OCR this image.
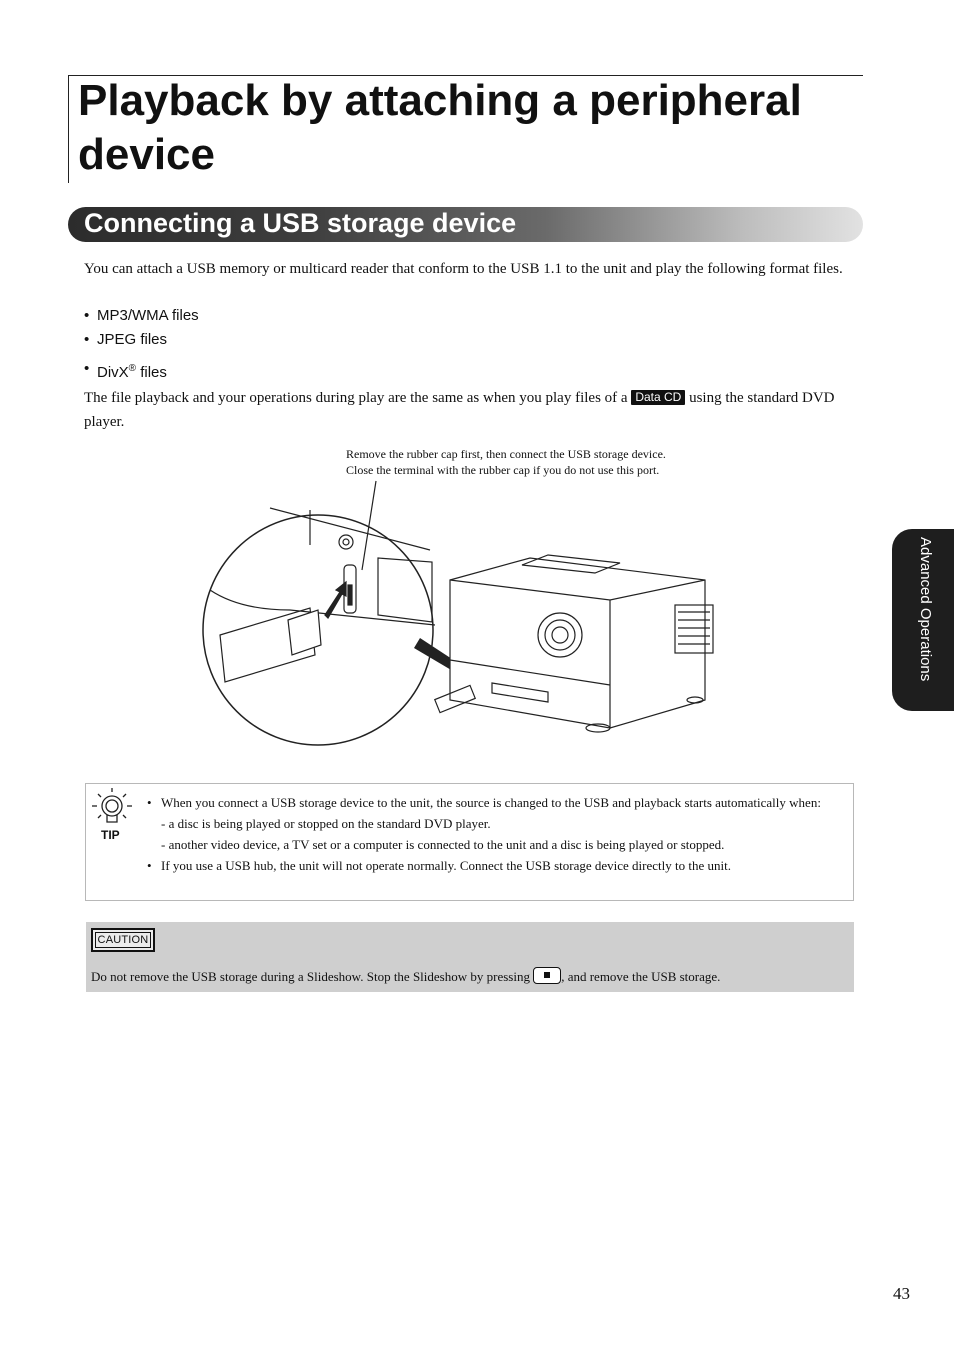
Playback by attaching a peripheral device
Connecting a USB storage device
You can attach a USB memory or multicard reader that conform to the USB 1.1 to the unit and play the following format files.
• MP3/WMA files
• JPEG files
• DivX® files
The file playback and your operations during play are the same as when you play files of a Data CD using the standard DVD player.
Remove the rubber cap first, then connect the USB storage device.
Close the terminal with the rubber cap if you do not use this port.
TIP
• When you connect a USB storage device to the unit, the source is changed to the USB and playback starts automatically when:
- a disc is being played or stopped on the standard DVD player.
- another video device, a TV set or a computer is connected to the unit and a disc is being played or stopped.
• If you use a USB hub, the unit will not operate normally. Connect the USB storage device directly to the unit.
CAUTION
Do not remove the USB storage during a Slideshow. Stop the Slideshow by pressing , and remove the USB storage.
Advanced Operations
43
